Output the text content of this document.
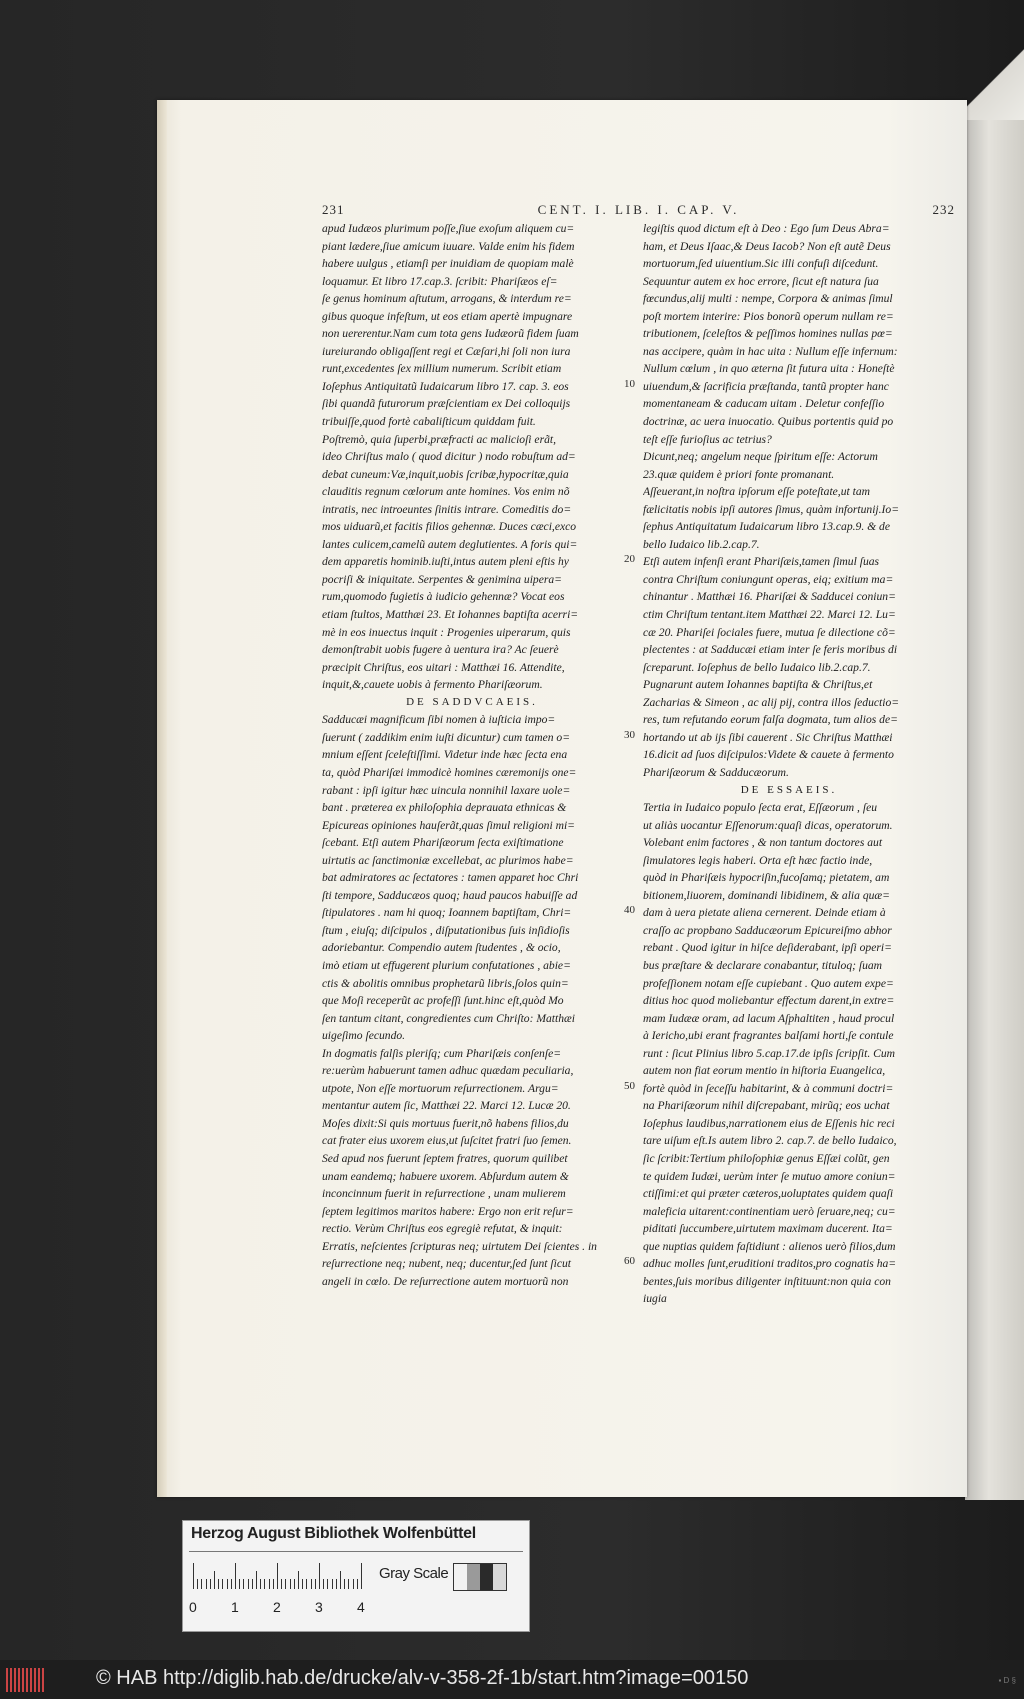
231	CENT. I. LIB. I. CAP. V.	232
apud Iudæos plurimum poſſe,ſiue exoſum aliquem cu=
piant lædere,ſiue amicum iuuare. Valde enim his fidem
habere uulgus , etiamſi per inuidiam de quopiam malè
loquamur. Et libro 17.cap.3. ſcribit: Phariſæos eſ=
ſe genus hominum aſtutum, arrogans, & interdum re=
gibus quoque infeſtum, ut eos etiam apertè impugnare
non uererentur.Nam cum tota gens Iudæorũ fidem ſuam
iureiurando obligaſſent regi et Cæſari,hi ſoli non iura
runt,excedentes ſex millium numerum. Scribit etiam
Ioſephus Antiquitatũ Iudaicarum libro 17. cap. 3. eos
ſibi quandã futurorum præſcientiam ex Dei colloquijs
tribuiſſe,quod fortè cabaliſticum quiddam fuit.
Poſtremò, quia ſuperbi,præfracti ac malicioſi erãt,
ideo Chriſtus malo ( quod dicitur ) nodo robuſtum ad=
debat cuneum:Væ,inquit,uobis ſcribæ,hypocritæ,quia
clauditis regnum cœlorum ante homines. Vos enim nõ
intratis, nec introeuntes ſinitis intrare. Comeditis do=
mos uiduarũ,et facitis filios gehennæ. Duces cæci,exco
lantes culicem,camelũ autem deglutientes. A foris qui=
dem apparetis hominib.iuſti,intus autem pleni eſtis hy
pocriſi & iniquitate. Serpentes & genimina uipera=
rum,quomodo fugietis à iudicio gehennæ? Vocat eos
etiam ſtultos, Matthæi 23. Et Iohannes baptiſta acerri=
mè in eos inuectus inquit : Progenies uiperarum, quis
demonſtrabit uobis fugere à uentura ira? Ac ſeuerè
præcipit Chriſtus, eos uitari : Matthæi 16. Attendite,
inquit,&,cauete uobis à fermento Phariſæorum.
DE SADDVCAEIS.
Sadducæi magnificum ſibi nomen à iuſticia impo=
ſuerunt ( zaddikim enim iuſti dicuntur) cum tamen o=
mnium eſſent ſceleſtiſſimi. Videtur inde hæc ſecta ena
ta, quòd Phariſæi immodicè homines cæremonijs one=
rabant : ipſi igitur hæc uincula nonnihil laxare uole=
bant . præterea ex philoſophia deprauata ethnicas &
Epicureas opiniones hauſerãt,quas ſimul religioni mi=
ſcebant. Etſi autem Phariſæorum ſecta exiſtimatione
uirtutis ac ſanctimoniæ excellebat, ac plurimos habe=
bat admiratores ac ſectatores : tamen apparet hoc Chri
ſti tempore, Sadducæos quoq; haud paucos habuiſſe ad
ſtipulatores . nam hi quoq; Ioannem baptiſtam, Chri=
ſtum , eiuſq; diſcipulos , diſputationibus ſuis inſidioſis
adoriebantur. Compendio autem ſtudentes , & ocio,
imò etiam ut effugerent plurium confutationes , abie=
ctis & abolitis omnibus prophetarũ libris,ſolos quin=
que Moſi receperũt ac profeſſi ſunt.hinc eſt,quòd Mo
ſen tantum citant, congredientes cum Chriſto: Matthæi
uigeſimo ſecundo.
In dogmatis falſis pleriſq; cum Phariſæis conſenſe=
re:uerùm habuerunt tamen adhuc quædam peculiaria,
utpote, Non eſſe mortuorum reſurrectionem. Argu=
mentantur autem ſic, Matthæi 22. Marci 12. Lucæ 20.
Moſes dixit:Si quis mortuus fuerit,nõ habens filios,du
cat frater eius uxorem eius,ut ſuſcitet fratri ſuo ſemen.
Sed apud nos fuerunt ſeptem fratres, quorum quilibet
unam eandemq; habuere uxorem. Abſurdum autem &
inconcinnum fuerit in reſurrectione , unam mulierem
ſeptem legitimos maritos habere: Ergo non erit reſur=
rectio. Verùm Chriſtus eos egregiè refutat, & inquit:
Erratis, neſcientes ſcripturas neq; uirtutem Dei ſcientes . in
reſurrectione neq; nubent, neq; ducentur,ſed ſunt ſicut
angeli in cœlo. De reſurrectione autem mortuorũ non
legiſtis quod dictum eſt à Deo : Ego ſum Deus Abra=
ham, et Deus Iſaac,& Deus Iacob? Non eſt autẽ Deus
mortuorum,ſed uiuentium.Sic illi confuſi diſcedunt.
Sequuntur autem ex hoc errore, ſicut eſt natura ſua
fœcundus,alij multi : nempe, Corpora & animas ſimul
poſt mortem interire: Pios bonorũ operum nullam re=
tributionem, ſceleſtos & peſſimos homines nullas pœ=
nas accipere, quàm in hac uita : Nullum eſſe infernum:
Nullum cœlum , in quo æterna ſit futura uita : Honeſtè
uiuendum,& ſacrificia præſtanda, tantũ propter hanc
momentaneam & caducam uitam . Deletur confeſſio
doctrinæ, ac uera inuocatio. Quibus portentis quid po
teſt eſſe furioſius ac tetrius?
Dicunt,neq; angelum neque ſpiritum eſſe: Actorum
23.quæ quidem è priori fonte promanant.
Aſſeuerant,in noſtra ipſorum eſſe poteſtate,ut tam
fælicitatis nobis ipſi autores ſimus, quàm infortunij.Io=
ſephus Antiquitatum Iudaicarum libro 13.cap.9. & de
bello Iudaico lib.2.cap.7.
Etſi autem infenſi erant Phariſæis,tamen ſimul ſuas
contra Chriſtum coniungunt operas, eiq; exitium ma=
chinantur . Matthæi 16. Phariſæi & Sadducei coniun=
ctim Chriſtum tentant.item Matthæi 22. Marci 12. Lu=
cæ 20. Phariſei ſociales fuere, mutua ſe dilectione cõ=
plectentes : at Sadducæi etiam inter ſe feris moribus di
ſcreparunt. Ioſephus de bello Iudaico lib.2.cap.7.
Pugnarunt autem Iohannes baptiſta & Chriſtus,et
Zacharias & Simeon , ac alij pij, contra illos ſeductio=
res, tum refutando eorum falſa dogmata, tum alios de=
hortando ut ab ijs ſibi cauerent . Sic Chriſtus Matthæi
16.dicit ad ſuos diſcipulos:Videte & cauete à fermento
Phariſæorum & Sadducæorum.
DE ESSAEIS.
Tertia in Iudaico populo ſecta erat, Eſſæorum , ſeu
ut aliàs uocantur Eſſenorum:quaſi dicas, operatorum.
Volebant enim factores , & non tantum doctores aut
ſimulatores legis haberi. Orta eſt hæc factio inde,
quòd in Phariſæis hypocriſin,fucoſamq; pietatem, am
bitionem,liuorem, dominandi libidinem, & alia quæ=
dam à uera pietate aliena cernerent. Deinde etiam à
craſſo ac propbano Sadducæorum Epicureiſmo abhor
rebant . Quod igitur in hiſce deſiderabant, ipſi operi=
bus præſtare & declarare conabantur, tituloq; ſuam
profeſſionem notam eſſe cupiebant . Quo autem expe=
ditius hoc quod moliebantur effectum darent,in extre=
mam Iudææ oram, ad lacum Aſphaltiten , haud procul
à Iericho,ubi erant fragrantes balſami horti,ſe contule
runt : ſicut Plinius libro 5.cap.17.de ipſis ſcripſit. Cum
autem non fiat eorum mentio in hiſtoria Euangelica,
fortè quòd in ſeceſſu habitarint, & à communi doctri=
na Phariſæorum nihil diſcrepabant, mirũq; eos uchat
Ioſephus laudibus,narrationem eius de Eſſenis hic reci
tare uiſum eſt.Is autem libro 2. cap.7. de bello Iudaico,
ſic ſcribit:Tertium philoſophiæ genus Eſſæi colũt, gen
te quidem Iudæi, uerùm inter ſe mutuo amore coniun=
ctiſſimi:et qui præter cæteros,uoluptates quidem quaſi
maleficia uitarent:continentiam uerò ſeruare,neq; cu=
piditati ſuccumbere,uirtutem maximam ducerent. Ita=
que nuptias quidem faſtidiunt : alienos uerò filios,dum
adhuc molles ſunt,eruditioni traditos,pro cognatis ha=
bentes,ſuis moribus diligenter inſtituunt:non quia con
iugia
10
20
30
40
50
60
Herzog August Bibliothek Wolfenbüttel
0 1 2 3 4
Gray Scale
© HAB http://diglib.hab.de/drucke/alv-v-358-2f-1b/start.htm?image=00150	▪ D §
